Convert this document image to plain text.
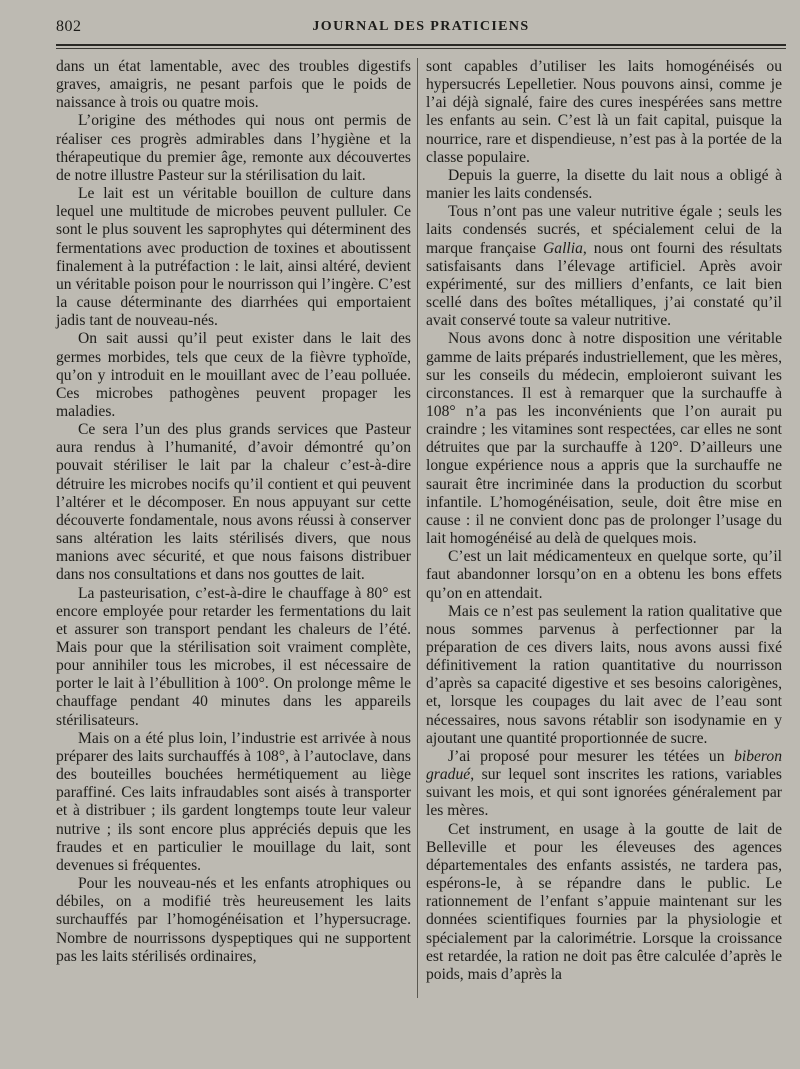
802	JOURNAL DES PRATICIENS

dans un état lamentable, avec des troubles digestifs graves, amaigris, ne pesant parfois que le poids de naissance à trois ou quatre mois.

L’origine des méthodes qui nous ont permis de réaliser ces progrès admirables dans l’hygiène et la thérapeutique du premier âge, remonte aux découvertes de notre illustre Pasteur sur la stérilisation du lait.

Le lait est un véritable bouillon de culture dans lequel une multitude de microbes peuvent pulluler. Ce sont le plus souvent les saprophytes qui déterminent des fermentations avec production de toxines et aboutissent finalement à la putréfaction : le lait, ainsi altéré, devient un véritable poison pour le nourrisson qui l’ingère. C’est la cause déterminante des diarrhées qui emportaient jadis tant de nouveau-nés.

On sait aussi qu’il peut exister dans le lait des germes morbides, tels que ceux de la fièvre typhoïde, qu’on y introduit en le mouillant avec de l’eau polluée. Ces microbes pathogènes peuvent propager les maladies.

Ce sera l’un des plus grands services que Pasteur aura rendus à l’humanité, d’avoir démontré qu’on pouvait stériliser le lait par la chaleur c’est-à-dire détruire les microbes nocifs qu’il contient et qui peuvent l’altérer et le décomposer. En nous appuyant sur cette découverte fondamentale, nous avons réussi à conserver sans altération les laits stérilisés divers, que nous manions avec sécurité, et que nous faisons distribuer dans nos consultations et dans nos gouttes de lait.

La pasteurisation, c’est-à-dire le chauffage à 80° est encore employée pour retarder les fermentations du lait et assurer son transport pendant les chaleurs de l’été. Mais pour que la stérilisation soit vraiment complète, pour annihiler tous les microbes, il est nécessaire de porter le lait à l’ébullition à 100°. On prolonge même le chauffage pendant 40 minutes dans les appareils stérilisateurs.

Mais on a été plus loin, l’industrie est arrivée à nous préparer des laits surchauffés à 108°, à l’autoclave, dans des bouteilles bouchées hermétiquement au liège paraffiné. Ces laits infraudables sont aisés à transporter et à distribuer ; ils gardent longtemps toute leur valeur nutrive ; ils sont encore plus appréciés depuis que les fraudes et en particulier le mouillage du lait, sont devenues si fréquentes.

Pour les nouveau-nés et les enfants atrophiques ou débiles, on a modifié très heureusement les laits surchauffés par l’homogénéisation et l’hypersucrage. Nombre de nourrissons dyspeptiques qui ne supportent pas les laits stérilisés ordinaires,

sont capables d’utiliser les laits homogénéisés ou hypersucrés Lepelletier. Nous pouvons ainsi, comme je l’ai déjà signalé, faire des cures inespérées sans mettre les enfants au sein. C’est là un fait capital, puisque la nourrice, rare et dispendieuse, n’est pas à la portée de la classe populaire.

Depuis la guerre, la disette du lait nous a obligé à manier les laits condensés.

Tous n’ont pas une valeur nutritive égale ; seuls les laits condensés sucrés, et spécialement celui de la marque française Gallia, nous ont fourni des résultats satisfaisants dans l’élevage artificiel. Après avoir expérimenté, sur des milliers d’enfants, ce lait bien scellé dans des boîtes métalliques, j’ai constaté qu’il avait conservé toute sa valeur nutritive.

Nous avons donc à notre disposition une véritable gamme de laits préparés industriellement, que les mères, sur les conseils du médecin, emploieront suivant les circonstances. Il est à remarquer que la surchauffe à 108° n’a pas les inconvénients que l’on aurait pu craindre ; les vitamines sont respectées, car elles ne sont détruites que par la surchauffe à 120°. D’ailleurs une longue expérience nous a appris que la surchauffe ne saurait être incriminée dans la production du scorbut infantile. L’homogénéisation, seule, doit être mise en cause : il ne convient donc pas de prolonger l’usage du lait homogénéisé au delà de quelques mois.

C’est un lait médicamenteux en quelque sorte, qu’il faut abandonner lorsqu’on en a obtenu les bons effets qu’on en attendait.

Mais ce n’est pas seulement la ration qualitative que nous sommes parvenus à perfectionner par la préparation de ces divers laits, nous avons aussi fixé définitivement la ration quantitative du nourrisson d’après sa capacité digestive et ses besoins calorigènes, et, lorsque les coupages du lait avec de l’eau sont nécessaires, nous savons rétablir son isodynamie en y ajoutant une quantité proportionnée de sucre.

J’ai proposé pour mesurer les tétées un biberon gradué, sur lequel sont inscrites les rations, variables suivant les mois, et qui sont ignorées généralement par les mères.

Cet instrument, en usage à la goutte de lait de Belleville et pour les éleveuses des agences départementales des enfants assistés, ne tardera pas, espérons-le, à se répandre dans le public. Le rationnement de l’enfant s’appuie maintenant sur les données scientifiques fournies par la physiologie et spécialement par la calorimétrie. Lorsque la croissance est retardée, la ration ne doit pas être calculée d’après le poids, mais d’après la
